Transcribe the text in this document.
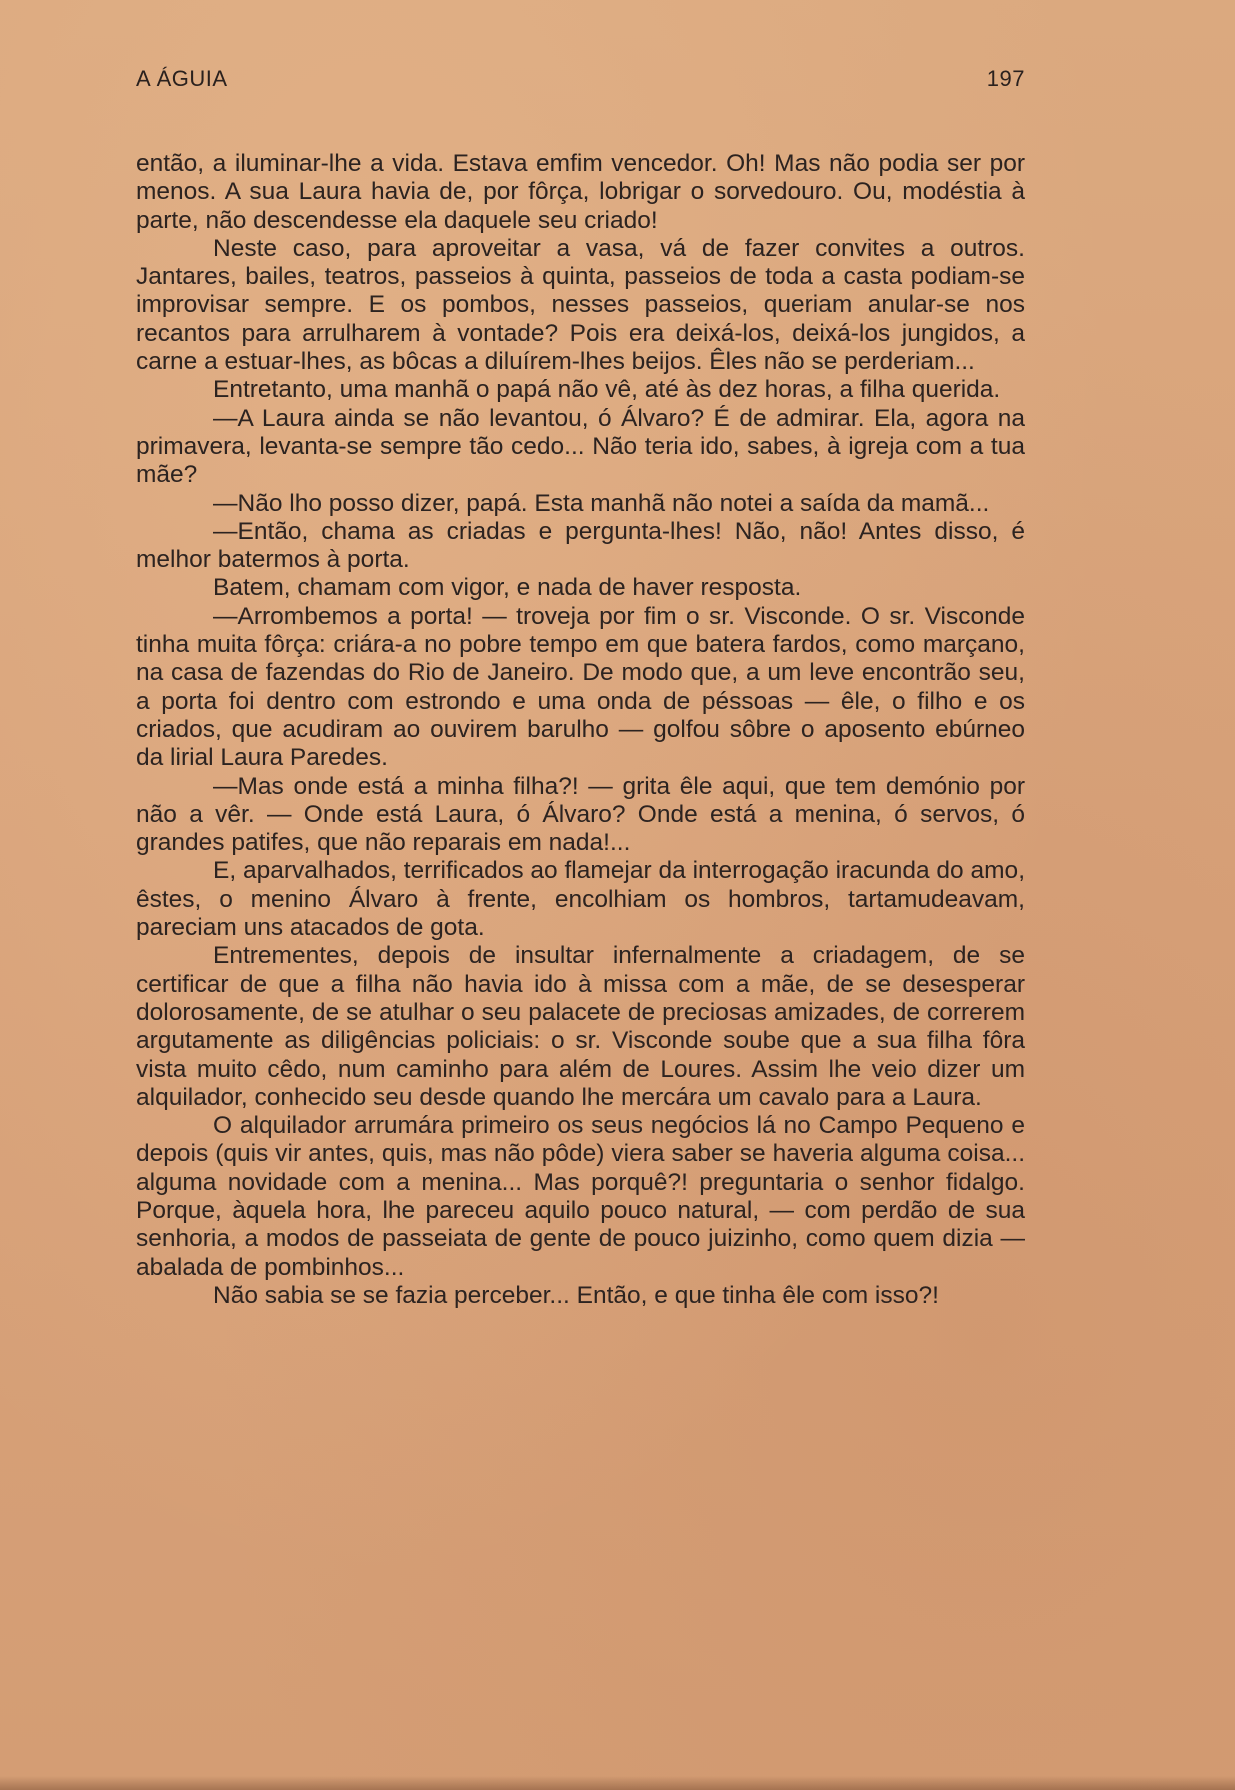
A ÁGUIA	197

então, a iluminar-lhe a vida. Estava emfim vencedor. Oh! Mas não podia ser por menos. A sua Laura havia de, por fôrça, lobrigar o sorvedouro. Ou, modéstia à parte, não descendesse ela daquele seu criado!

Neste caso, para aproveitar a vasa, vá de fazer convites a outros. Jantares, bailes, teatros, passeios à quinta, passeios de toda a casta podiam-se improvisar sempre. E os pombos, nesses passeios, queriam anular-se nos recantos para arrulharem à vontade? Pois era deixá-los, deixá-los jungidos, a carne a estuar-lhes, as bôcas a diluírem-lhes beijos. Êles não se perderiam...

Entretanto, uma manhã o papá não vê, até às dez horas, a filha querida.

—A Laura ainda se não levantou, ó Álvaro? É de admirar. Ela, agora na primavera, levanta-se sempre tão cedo... Não teria ido, sabes, à igreja com a tua mãe?

—Não lho posso dizer, papá. Esta manhã não notei a saída da mamã...

—Então, chama as criadas e pergunta-lhes! Não, não! Antes disso, é melhor batermos à porta.

Batem, chamam com vigor, e nada de haver resposta.

—Arrombemos a porta! — troveja por fim o sr. Visconde. O sr. Visconde tinha muita fôrça: criára-a no pobre tempo em que batera fardos, como marçano, na casa de fazendas do Rio de Janeiro. De modo que, a um leve encontrão seu, a porta foi dentro com estrondo e uma onda de péssoas — êle, o filho e os criados, que acudiram ao ouvirem barulho — golfou sôbre o aposento ebúrneo da lirial Laura Paredes.

—Mas onde está a minha filha?! — grita êle aqui, que tem demónio por não a vêr. — Onde está Laura, ó Álvaro? Onde está a menina, ó servos, ó grandes patifes, que não reparais em nada!...

E, aparvalhados, terrificados ao flamejar da interrogação iracunda do amo, êstes, o menino Álvaro à frente, encolhiam os hombros, tartamudeavam, pareciam uns atacados de gota.

Entrementes, depois de insultar infernalmente a criadagem, de se certificar de que a filha não havia ido à missa com a mãe, de se desesperar dolorosamente, de se atulhar o seu palacete de preciosas amizades, de correrem argutamente as diligências policiais: o sr. Visconde soube que a sua filha fôra vista muito cêdo, num caminho para além de Loures. Assim lhe veio dizer um alquilador, conhecido seu desde quando lhe mercára um cavalo para a Laura.

O alquilador arrumára primeiro os seus negócios lá no Campo Pequeno e depois (quis vir antes, quis, mas não pôde) viera saber se haveria alguma coisa... alguma novidade com a menina... Mas porquê?! preguntaria o senhor fidalgo. Porque, àquela hora, lhe pareceu aquilo pouco natural, — com perdão de sua senhoria, a modos de passeiata de gente de pouco juizinho, como quem dizia — abalada de pombinhos...

Não sabia se se fazia perceber... Então, e que tinha êle com isso?!
